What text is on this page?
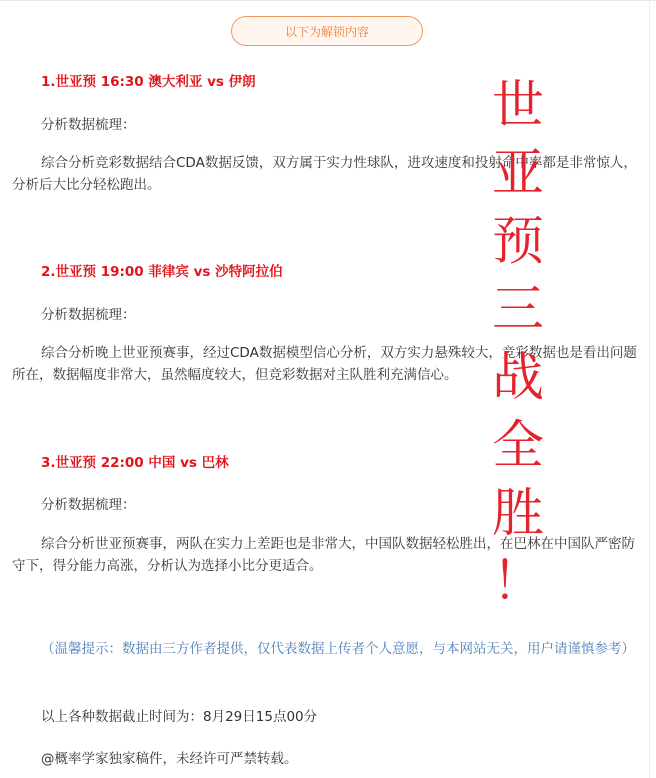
以下为解锁内容
1.世亚预 16:30 澳大利亚 vs 伊朗
分析数据梳理：
综合分析竞彩数据结合CDA数据反馈，双方属于实力性球队，进攻速度和投射命中率都是非常惊人，分析后大比分轻松跑出。
2.世亚预 19:00 菲律宾 vs 沙特阿拉伯
分析数据梳理：
综合分析晚上世亚预赛事，经过CDA数据模型信心分析，双方实力悬殊较大，竞彩数据也是看出问题所在，数据幅度非常大，虽然幅度较大，但竞彩数据对主队胜利充满信心。
3.世亚预 22:00 中国 vs 巴林
分析数据梳理：
综合分析世亚预赛事，两队在实力上差距也是非常大，中国队数据轻松胜出，在巴林在中国队严密防守下，得分能力高涨，分析认为选择小比分更适合。
（温馨提示：数据由三方作者提供，仅代表数据上传者个人意愿，与本网站无关，用户请谨慎参考）
以上各种数据截止时间为：8月29日15点00分
@概率学家独家稿件，未经许可严禁转载。
世
亚
预
三
战
全
胜
！
